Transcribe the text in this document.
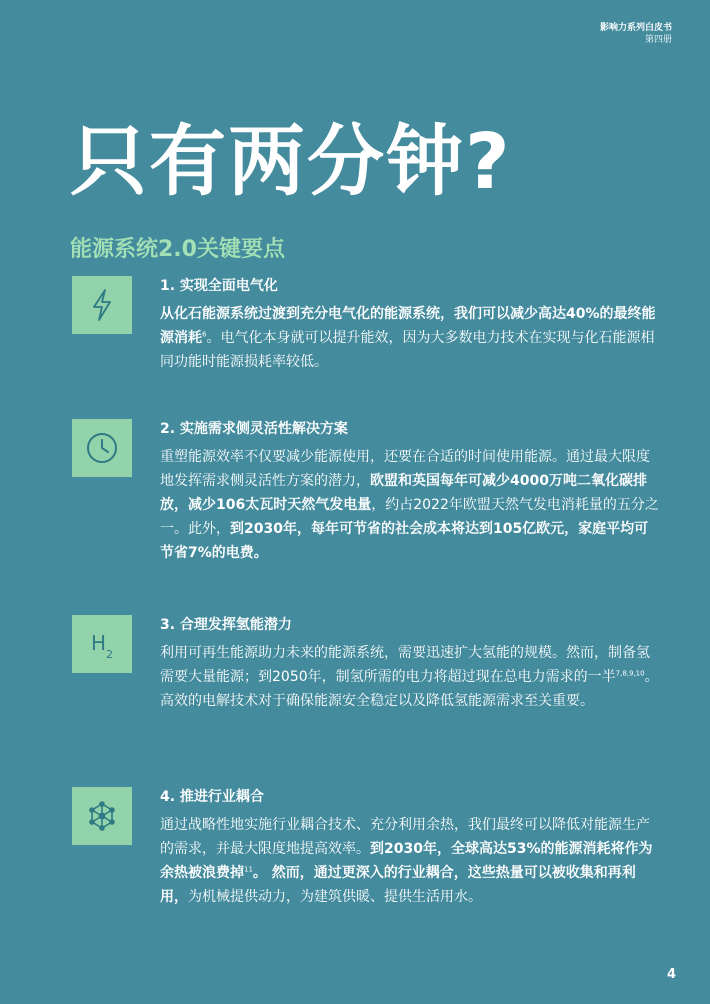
影响力系列白皮书
第四册
只有两分钟?
能源系统2.0关键要点

1. 实现全面电气化

从化石能源系统过渡到充分电气化的能源系统，我们可以减少高达40%的最终能源消耗$^6$。电气化本身就可以提升能效，因为大多数电力技术在实现与化石能源相同功能时能源损耗率较低。

2. 实施需求侧灵活性解决方案

重塑能源效率不仅要减少能源使用，还要在合适的时间使用能源。通过最大限度地发挥需求侧灵活性方案的潜力，欧盟和英国每年可减少4000万吨二氧化碳排放，减少106太瓦时天然气发电量，约占2022年欧盟天然气发电消耗量的五分之一。此外，到2030年，每年可节省的社会成本将达到105亿欧元，家庭平均可节省7%的电费。

$H_2$

3. 合理发挥氢能潜力

利用可再生能源助力未来的能源系统，需要迅速扩大氢能的规模。然而，制备氢需要大量能源；到2050年，制氢所需的电力将超过现在总电力需求的一半$^{7,8,9,10}$。高效的电解技术对于确保能源安全稳定以及降低氢能源需求至关重要。

4. 推进行业耦合

通过战略性地实施行业耦合技术、充分利用余热，我们最终可以降低对能源生产的需求，并最大限度地提高效率。到2030年，全球高达53%的能源消耗将作为余热被浪费掉$^{11}$。 然而，通过更深入的行业耦合，这些热量可以被收集和再利用，为机械提供动力，为建筑供暖、提供生活用水。

4
